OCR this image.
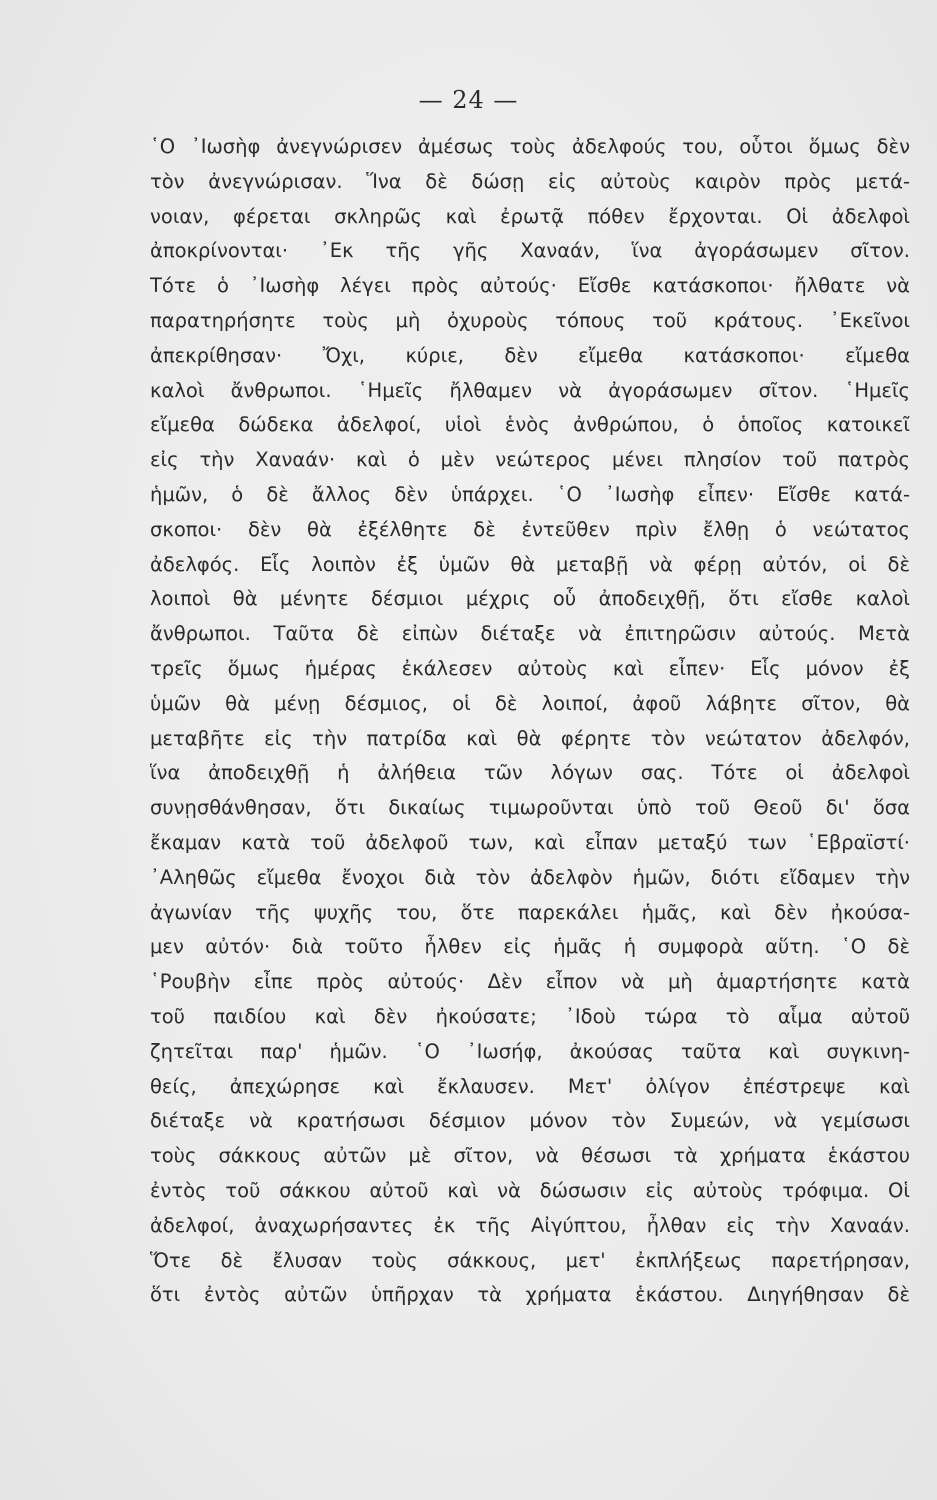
— 24 —
῾Ο ᾿Ιωσὴφ ἀνεγνώρισεν ἀμέσως τοὺς ἀδελφούς του, οὗτοι ὅμως δὲν
τὸν ἀνεγνώρισαν. Ἵνα δὲ δώσῃ εἰς αὐτοὺς καιρὸν πρὸς μετά-
νοιαν, φέρεται σκληρῶς καὶ ἐρωτᾷ πόθεν ἔρχονται. Οἱ ἀδελφοὶ
ἀποκρίνονται· ᾿Εκ τῆς γῆς Χαναάν, ἵνα ἀγοράσωμεν σῖτον.
Τότε ὁ ᾿Ιωσὴφ λέγει πρὸς αὐτούς· Εἴσθε κατάσκοποι· ἤλθατε νὰ
παρατηρήσητε τοὺς μὴ ὀχυροὺς τόπους τοῦ κράτους. ᾿Εκεῖνοι
ἀπεκρίθησαν· Ὄχι, κύριε, δὲν εἴμεθα κατάσκοποι· εἴμεθα
καλοὶ ἄνθρωποι. ῾Ημεῖς ἤλθαμεν νὰ ἀγοράσωμεν σῖτον. ῾Ημεῖς
εἴμεθα δώδεκα ἀδελφοί, υἱοὶ ἑνὸς ἀνθρώπου, ὁ ὁποῖος κατοικεῖ
εἰς τὴν Χαναάν· καὶ ὁ μὲν νεώτερος μένει πλησίον τοῦ πατρὸς
ἡμῶν, ὁ δὲ ἄλλος δὲν ὑπάρχει. ῾Ο ᾿Ιωσὴφ εἶπεν· Εἴσθε κατά-
σκοποι· δὲν θὰ ἐξέλθητε δὲ ἐντεῦθεν πρὶν ἔλθῃ ὁ νεώτατος
ἀδελφός. Εἷς λοιπὸν ἐξ ὑμῶν θὰ μεταβῇ νὰ φέρῃ αὐτόν, οἱ δὲ
λοιποὶ θὰ μένητε δέσμιοι μέχρις οὗ ἀποδειχθῇ, ὅτι εἴσθε καλοὶ
ἄνθρωποι. Ταῦτα δὲ εἰπὼν διέταξε νὰ ἐπιτηρῶσιν αὐτούς. Μετὰ
τρεῖς ὅμως ἡμέρας ἐκάλεσεν αὐτοὺς καὶ εἶπεν· Εἷς μόνον ἐξ
ὑμῶν θὰ μένῃ δέσμιος, οἱ δὲ λοιποί, ἀφοῦ λάβητε σῖτον, θὰ
μεταβῆτε εἰς τὴν πατρίδα καὶ θὰ φέρητε τὸν νεώτατον ἀδελφόν,
ἵνα ἀποδειχθῇ ἡ ἀλήθεια τῶν λόγων σας. Τότε οἱ ἀδελφοὶ
συνῃσθάνθησαν, ὅτι δικαίως τιμωροῦνται ὑπὸ τοῦ Θεοῦ δι' ὅσα
ἔκαμαν κατὰ τοῦ ἀδελφοῦ των, καὶ εἶπαν μεταξύ των ῾Εβραϊστί·
᾿Αληθῶς εἴμεθα ἔνοχοι διὰ τὸν ἀδελφὸν ἡμῶν, διότι εἴδαμεν τὴν
ἀγωνίαν τῆς ψυχῆς του, ὅτε παρεκάλει ἡμᾶς, καὶ δὲν ἠκούσα-
μεν αὐτόν· διὰ τοῦτο ἦλθεν εἰς ἡμᾶς ἡ συμφορὰ αὕτη. ῾Ο δὲ
῾Ρουβὴν εἶπε πρὸς αὐτούς· Δὲν εἶπον νὰ μὴ ἁμαρτήσητε κατὰ
τοῦ παιδίου καὶ δὲν ἠκούσατε; ᾿Ιδοὺ τώρα τὸ αἷμα αὐτοῦ
ζητεῖται παρ' ἡμῶν. ῾Ο ᾿Ιωσήφ, ἀκούσας ταῦτα καὶ συγκινη-
θείς, ἀπεχώρησε καὶ ἔκλαυσεν. Μετ' ὀλίγον ἐπέστρεψε καὶ
διέταξε νὰ κρατήσωσι δέσμιον μόνον τὸν Συμεών, νὰ γεμίσωσι
τοὺς σάκκους αὐτῶν μὲ σῖτον, νὰ θέσωσι τὰ χρήματα ἑκάστου
ἐντὸς τοῦ σάκκου αὐτοῦ καὶ νὰ δώσωσιν εἰς αὐτοὺς τρόφιμα. Οἱ
ἀδελφοί, ἀναχωρήσαντες ἐκ τῆς Αἰγύπτου, ἦλθαν εἰς τὴν Χαναάν.
Ὅτε δὲ ἔλυσαν τοὺς σάκκους, μετ' ἐκπλήξεως παρετήρησαν,
ὅτι ἐντὸς αὐτῶν ὑπῆρχαν τὰ χρήματα ἑκάστου. Διηγήθησαν δὲ
